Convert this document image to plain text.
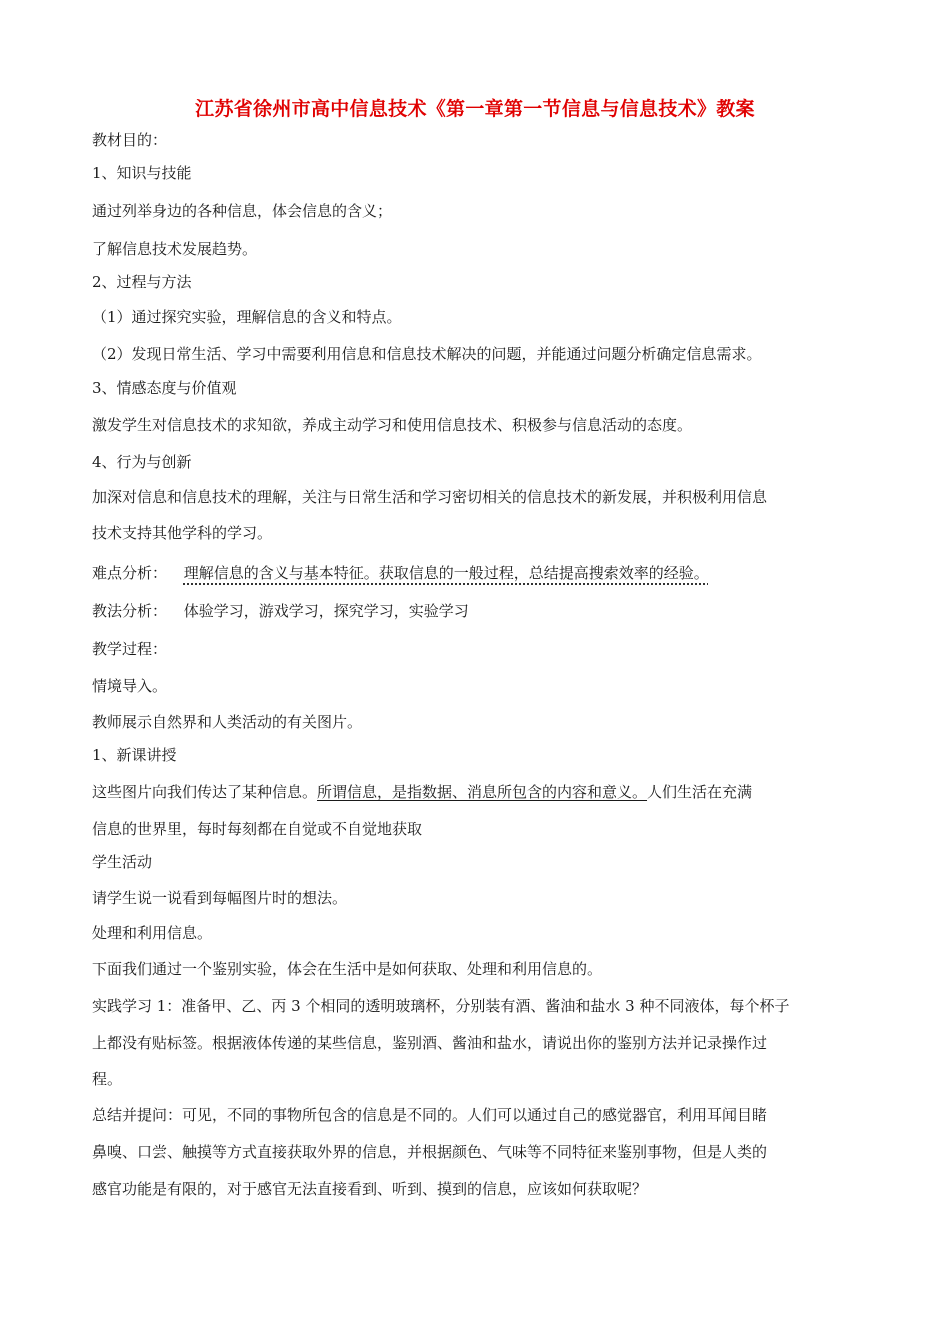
江苏省徐州市高中信息技术《第一章第一节信息与信息技术》教案
教材目的：
1、知识与技能
通过列举身边的各种信息，体会信息的含义；
了解信息技术发展趋势。
2、过程与方法
（1）通过探究实验，理解信息的含义和特点。
（2）发现日常生活、学习中需要利用信息和信息技术解决的问题，并能通过问题分析确定信息需求。
3、情感态度与价值观
激发学生对信息技术的求知欲，养成主动学习和使用信息技术、积极参与信息活动的态度。
4、行为与创新
加深对信息和信息技术的理解，关注与日常生活和学习密切相关的信息技术的新发展，并积极利用信息
技术支持其他学科的学习。
难点分析： 理解信息的含义与基本特征。获取信息的一般过程，总结提高搜索效率的经验。
教法分析： 体验学习，游戏学习，探究学习，实验学习
教学过程：
情境导入。
教师展示自然界和人类活动的有关图片。
1、新课讲授
这些图片向我们传达了某种信息。所谓信息，是指数据、消息所包含的内容和意义。人们生活在充满
信息的世界里，每时每刻都在自觉或不自觉地获取
学生活动
请学生说一说看到每幅图片时的想法。
处理和利用信息。
下面我们通过一个鉴别实验，体会在生活中是如何获取、处理和利用信息的。
实践学习 1：准备甲、乙、丙 3 个相同的透明玻璃杯，分别装有酒、酱油和盐水 3 种不同液体，每个杯子
上都没有贴标签。根据液体传递的某些信息，鉴别酒、酱油和盐水，请说出你的鉴别方法并记录操作过
程。
总结并提问：可见，不同的事物所包含的信息是不同的。人们可以通过自己的感觉器官，利用耳闻目睹
鼻嗅、口尝、触摸等方式直接获取外界的信息，并根据颜色、气味等不同特征来鉴别事物，但是人类的
感官功能是有限的，对于感官无法直接看到、听到、摸到的信息，应该如何获取呢？
